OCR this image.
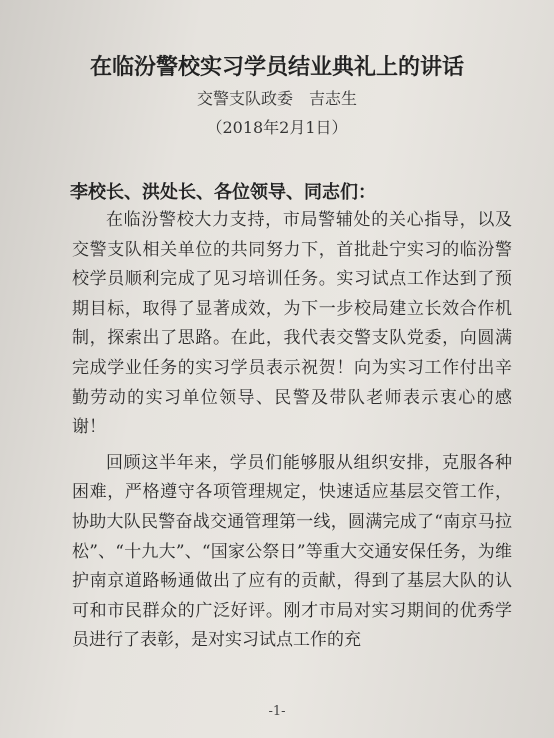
在临汾警校实习学员结业典礼上的讲话
交警支队政委　吉志生
（2018年2月1日）
李校长、洪处长、各位领导、同志们：

在临汾警校大力支持，市局警辅处的关心指导，以及交警支队相关单位的共同努力下，首批赴宁实习的临汾警校学员顺利完成了见习培训任务。实习试点工作达到了预期目标，取得了显著成效，为下一步校局建立长效合作机制，探索出了思路。在此，我代表交警支队党委，向圆满完成学业任务的实习学员表示祝贺！向为实习工作付出辛勤劳动的实习单位领导、民警及带队老师表示衷心的感谢！

回顾这半年来，学员们能够服从组织安排，克服各种困难，严格遵守各项管理规定，快速适应基层交管工作，协助大队民警奋战交通管理第一线，圆满完成了“南京马拉松”、“十九大”、“国家公祭日”等重大交通安保任务，为维护南京道路畅通做出了应有的贡献，得到了基层大队的认可和市民群众的广泛好评。刚才市局对实习期间的优秀学员进行了表彰，是对实习试点工作的充

-1-
